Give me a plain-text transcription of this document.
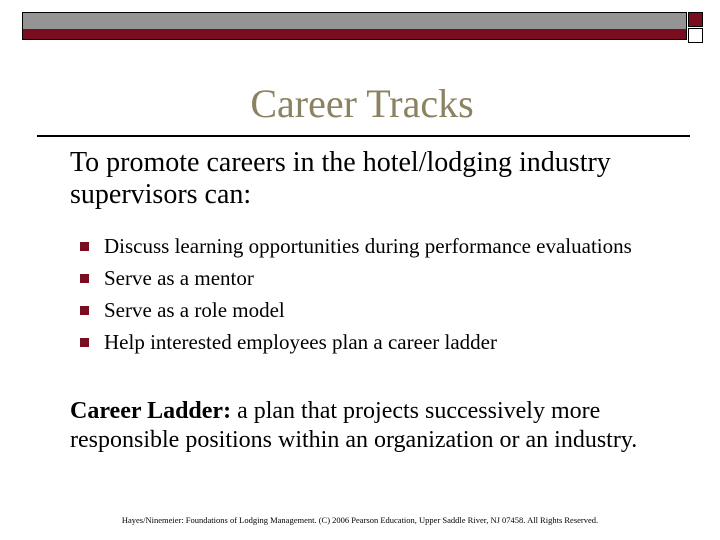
Career Tracks
To promote careers in the hotel/lodging industry supervisors can:
Discuss learning opportunities during performance evaluations
Serve as a mentor
Serve as a role model
Help interested employees plan a career ladder
Career Ladder: a plan that projects successively more responsible positions within an organization or an industry.
Hayes/Ninemeier: Foundations of Lodging Management. (C) 2006 Pearson Education, Upper Saddle River, NJ 07458. All Rights Reserved.
